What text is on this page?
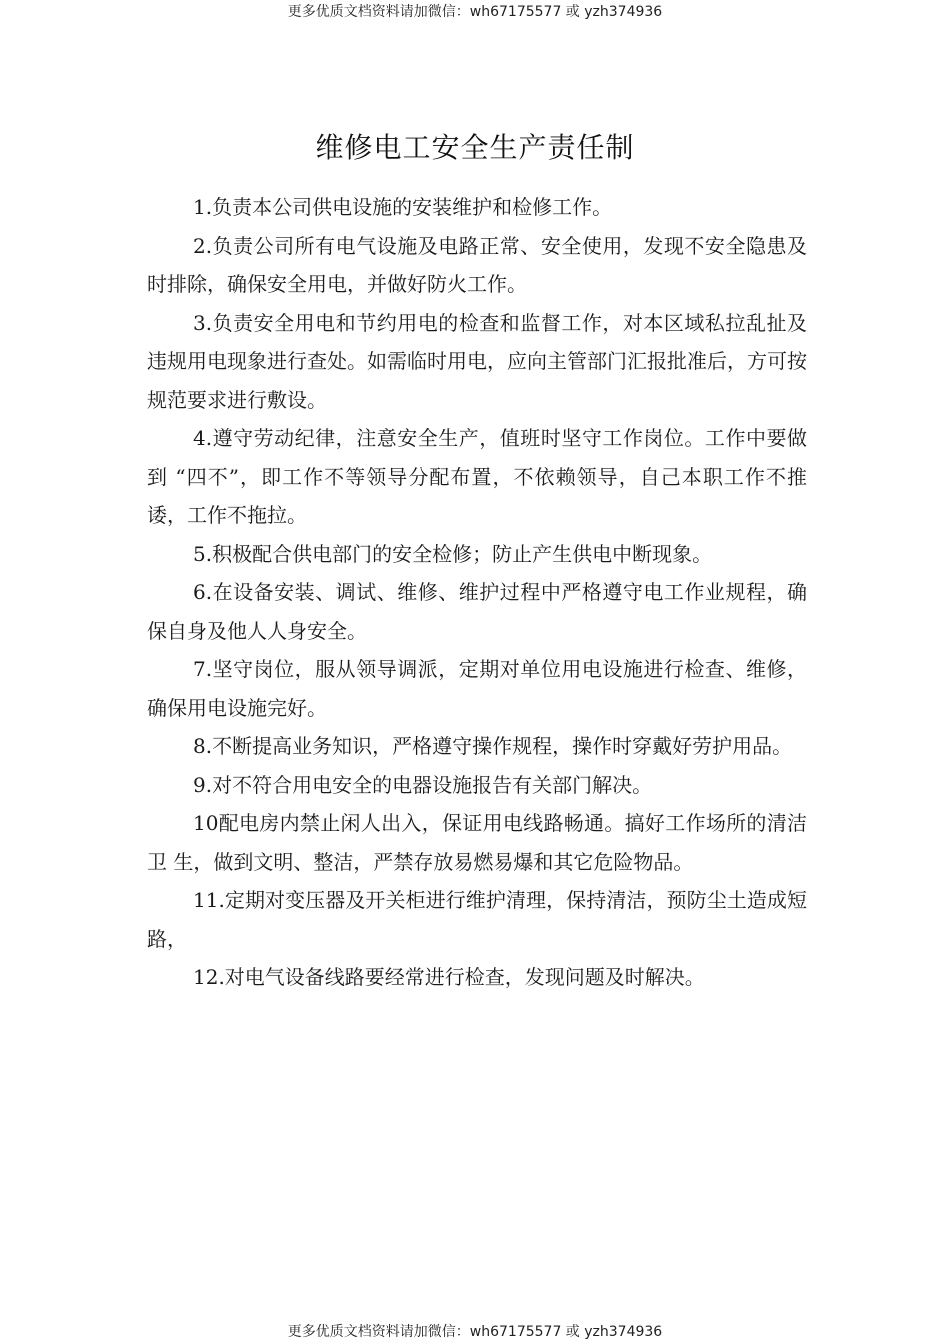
更多优质文档资料请加微信：wh67175577 或 yzh374936
维修电工安全生产责任制

1.负责本公司供电设施的安装维护和检修工作。

2.负责公司所有电气设施及电路正常、安全使用，发现不安全隐患及时排除，确保安全用电，并做好防火工作。

3.负责安全用电和节约用电的检查和监督工作，对本区域私拉乱扯及违规用电现象进行查处。如需临时用电，应向主管部门汇报批准后，方可按规范要求进行敷设。

4.遵守劳动纪律，注意安全生产，值班时坚守工作岗位。工作中要做到 “四不”，即工作不等领导分配布置，不依赖领导，自己本职工作不推诿，工作不拖拉。

5.积极配合供电部门的安全检修；防止产生供电中断现象。

6.在设备安装、调试、维修、维护过程中严格遵守电工作业规程，确保自身及他人人身安全。

7.坚守岗位，服从领导调派，定期对单位用电设施进行检查、维修，确保用电设施完好。

8.不断提高业务知识，严格遵守操作规程，操作时穿戴好劳护用品。

9.对不符合用电安全的电器设施报告有关部门解决。

10配电房内禁止闲人出入，保证用电线路畅通。搞好工作场所的清洁卫 生，做到文明、整洁，严禁存放易燃易爆和其它危险物品。

11.定期对变压器及开关柜进行维护清理，保持清洁，预防尘土造成短路，

12.对电气设备线路要经常进行检查，发现问题及时解决。

更多优质文档资料请加微信：wh67175577 或 yzh374936
